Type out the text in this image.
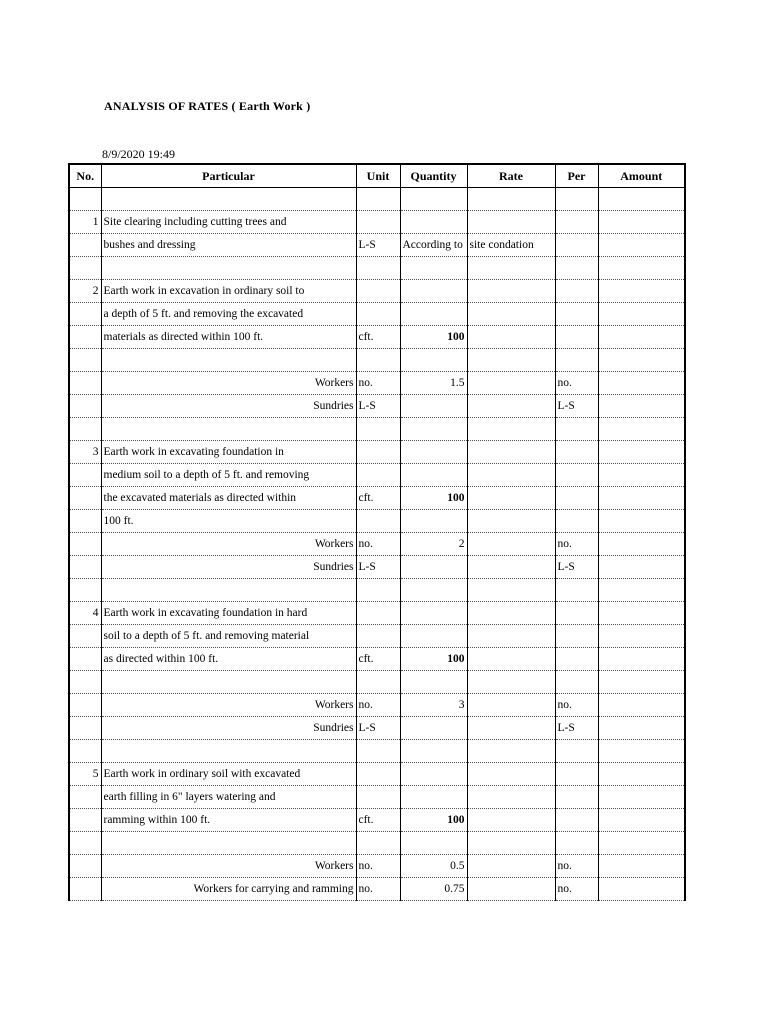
ANALYSIS OF RATES ( Earth Work )
8/9/2020 19:49
No.	Particular	Unit	Quantity	Rate	Per	Amount

1	Site clearing including cutting trees and					
	bushes and dressing	L-S	According to	site condation		

2	Earth work in excavation in ordinary soil to					
	a depth of 5 ft. and removing the excavated					
	materials as directed within 100 ft.	cft.	100			

	Workers	no.	1.5		no.	
	Sundries	L-S			L-S	

3	Earth work in excavating foundation in					
	medium soil to a depth of 5 ft. and removing					
	the excavated materials as directed within	cft.	100			
	100 ft.					
	Workers	no.	2		no.	
	Sundries	L-S			L-S	

4	Earth work in excavating foundation in hard					
	soil to a depth of 5 ft. and removing material					
	as directed within 100 ft.	cft.	100			

	Workers	no.	3		no.	
	Sundries	L-S			L-S	

5	Earth work in ordinary soil with excavated					
	earth filling in 6" layers watering and					
	ramming within 100 ft.	cft.	100			

	Workers	no.	0.5		no.	
	Workers for carrying and ramming	no.	0.75		no.	
